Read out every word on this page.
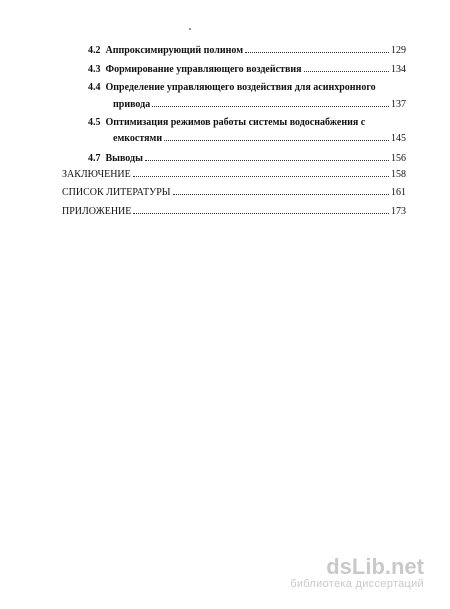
4.2 Аппроксимирующий полином	129
4.3 Формирование управляющего воздействия	134
4.4 Определение управляющего воздействия для асинхронного
привода	137
4.5 Оптимизация режимов работы системы водоснабжения с
емкостями	145
4.7 Выводы	156
ЗАКЛЮЧЕНИЕ	158
СПИСОК ЛИТЕРАТУРЫ	161
ПРИЛОЖЕНИЕ	173
dsLib.net
библиотека диссертаций
